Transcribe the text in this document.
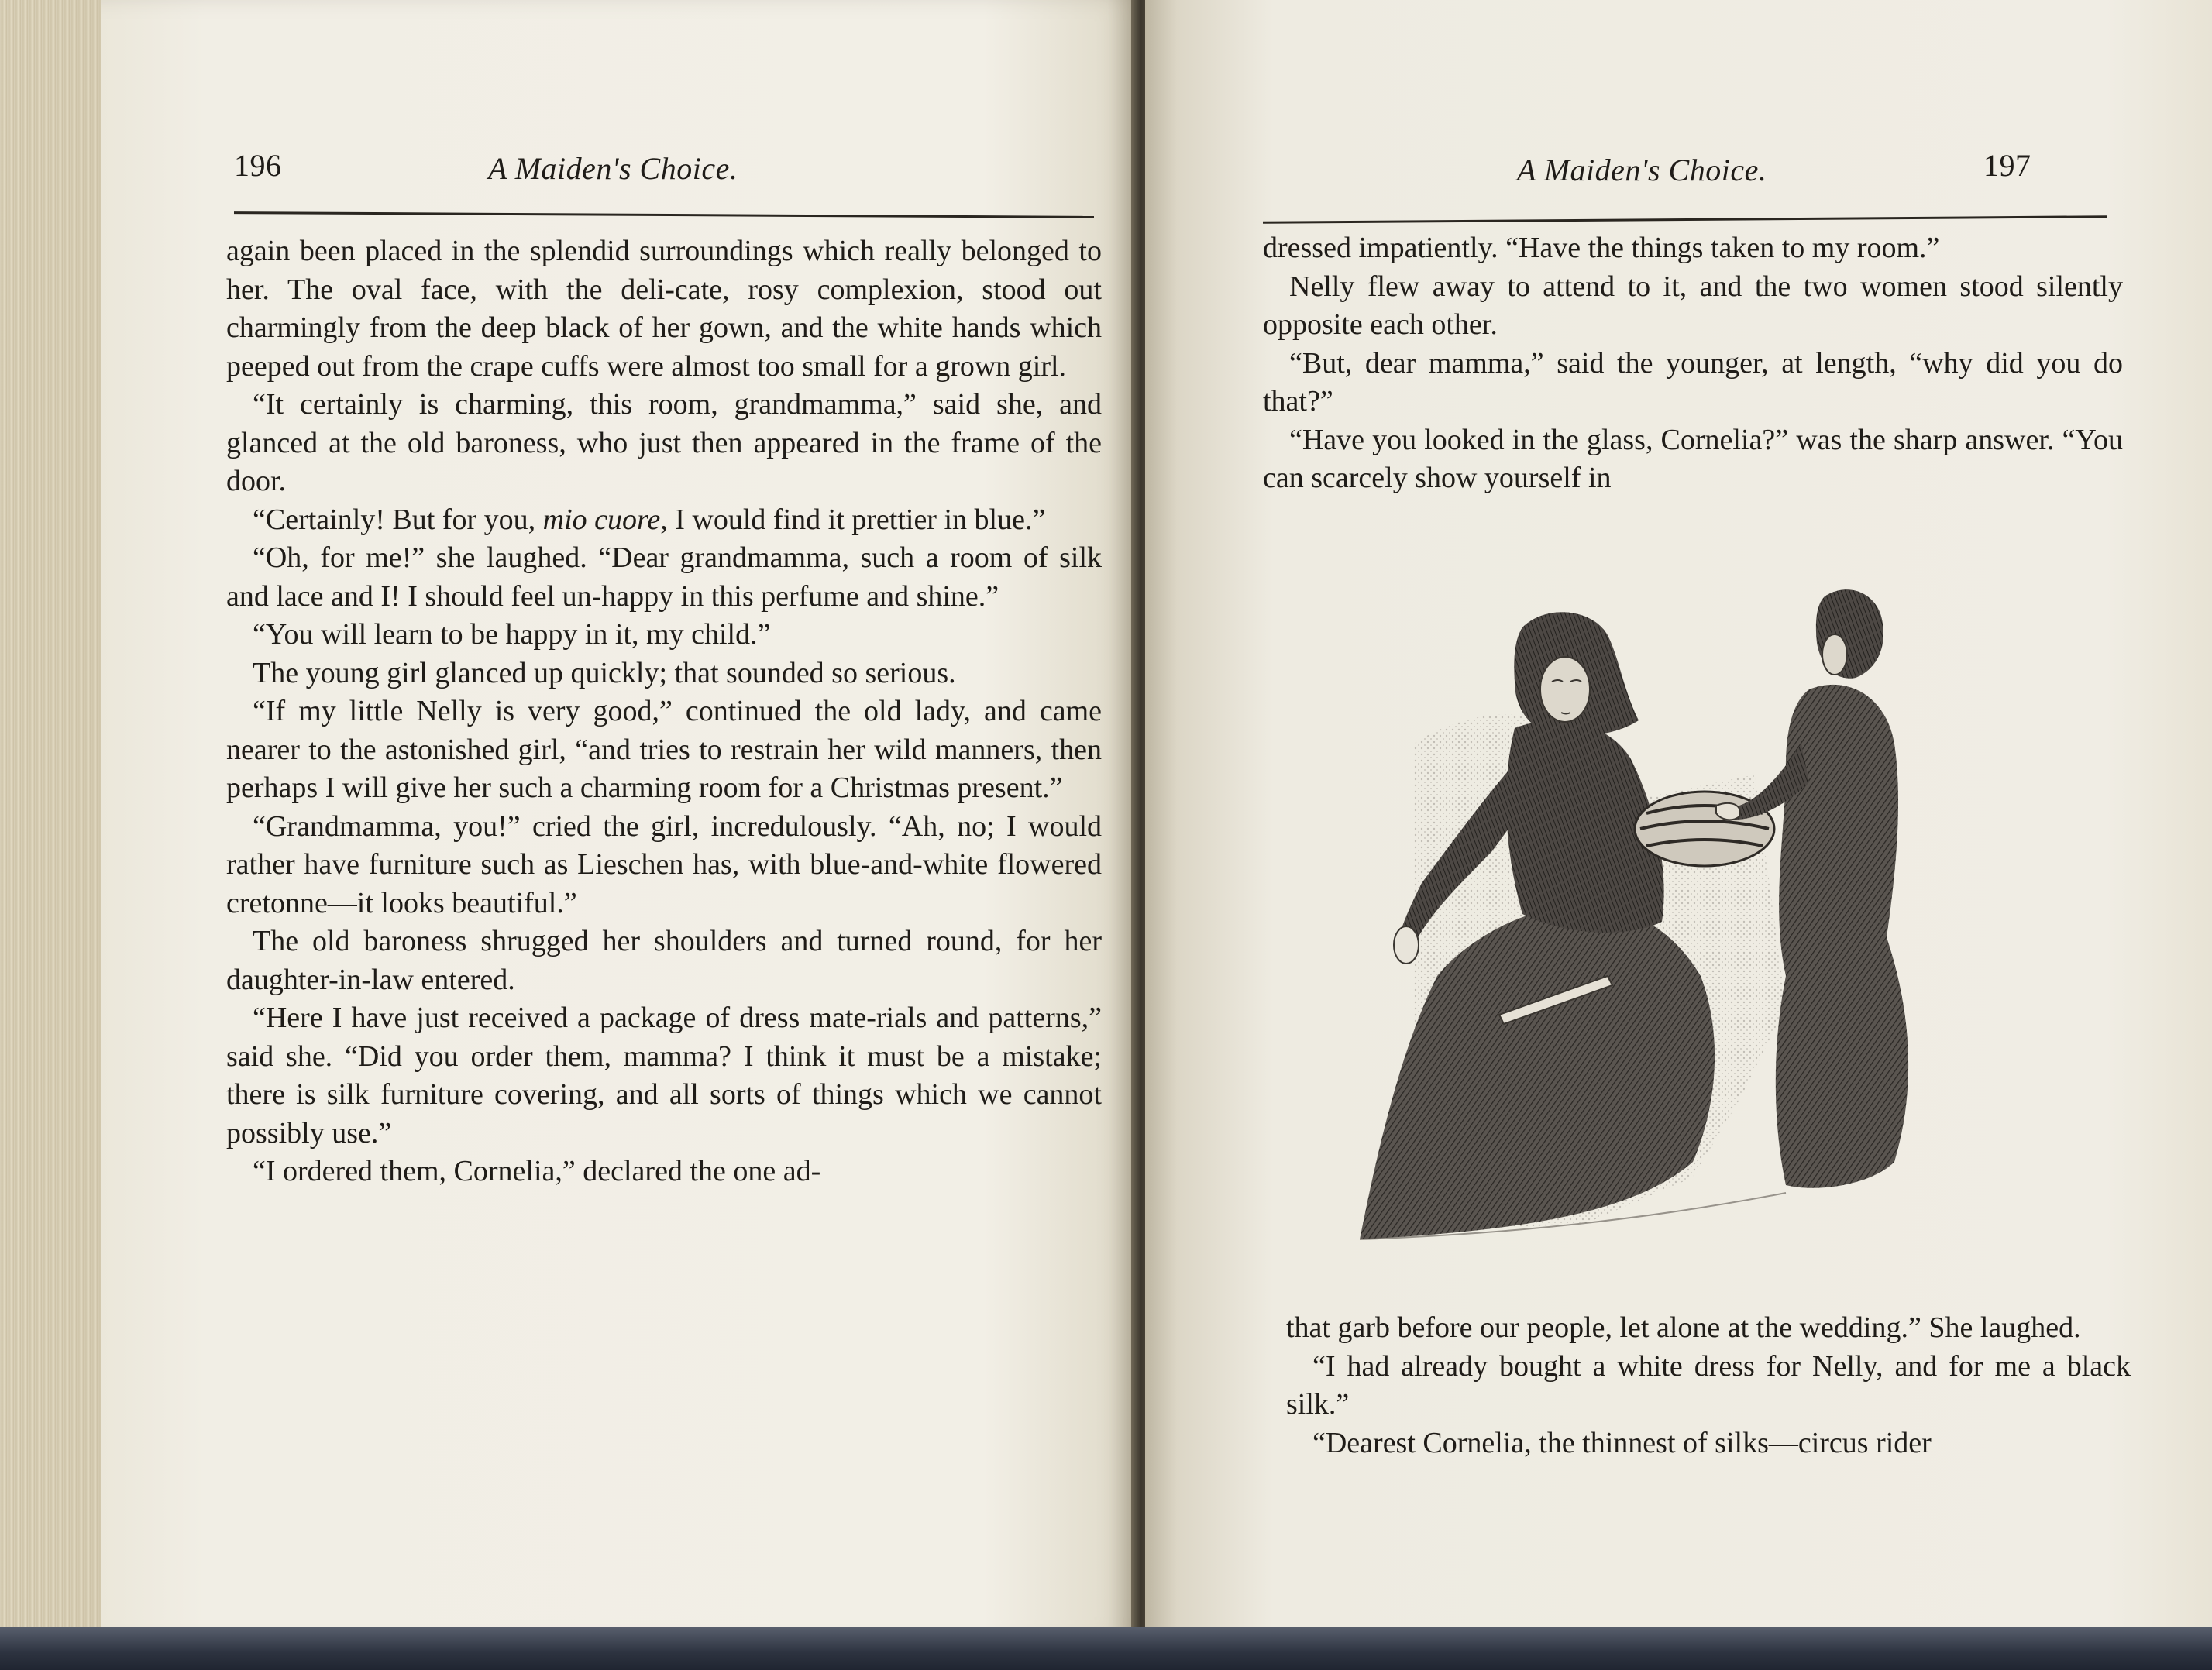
196	A Maiden's Choice.

again been placed in the splendid surroundings which really belonged to her. The oval face, with the deli-cate, rosy complexion, stood out charmingly from the deep black of her gown, and the white hands which peeped out from the crape cuffs were almost too small for a grown girl.

“It certainly is charming, this room, grandmamma,” said she, and glanced at the old baroness, who just then appeared in the frame of the door.

“Certainly! But for you, mio cuore, I would find it prettier in blue.”

“Oh, for me!” she laughed. “Dear grandmamma, such a room of silk and lace and I! I should feel un-happy in this perfume and shine.”

“You will learn to be happy in it, my child.”

The young girl glanced up quickly; that sounded so serious.

“If my little Nelly is very good,” continued the old lady, and came nearer to the astonished girl, “and tries to restrain her wild manners, then perhaps I will give her such a charming room for a Christmas present.”

“Grandmamma, you!” cried the girl, incredulously. “Ah, no; I would rather have furniture such as Lieschen has, with blue-and-white flowered cretonne—it looks beautiful.”

The old baroness shrugged her shoulders and turned round, for her daughter-in-law entered.

“Here I have just received a package of dress mate-rials and patterns,” said she. “Did you order them, mamma? I think it must be a mistake; there is silk furniture covering, and all sorts of things which we cannot possibly use.”

“I ordered them, Cornelia,” declared the one ad-

A Maiden's Choice.	197

dressed impatiently. “Have the things taken to my room.”

Nelly flew away to attend to it, and the two women stood silently opposite each other.

“But, dear mamma,” said the younger, at length, “why did you do that?”

“Have you looked in the glass, Cornelia?” was the sharp answer. “You can scarcely show yourself in

that garb before our people, let alone at the wedding.” She laughed.

“I had already bought a white dress for Nelly, and for me a black silk.”

“Dearest Cornelia, the thinnest of silks—circus rider
